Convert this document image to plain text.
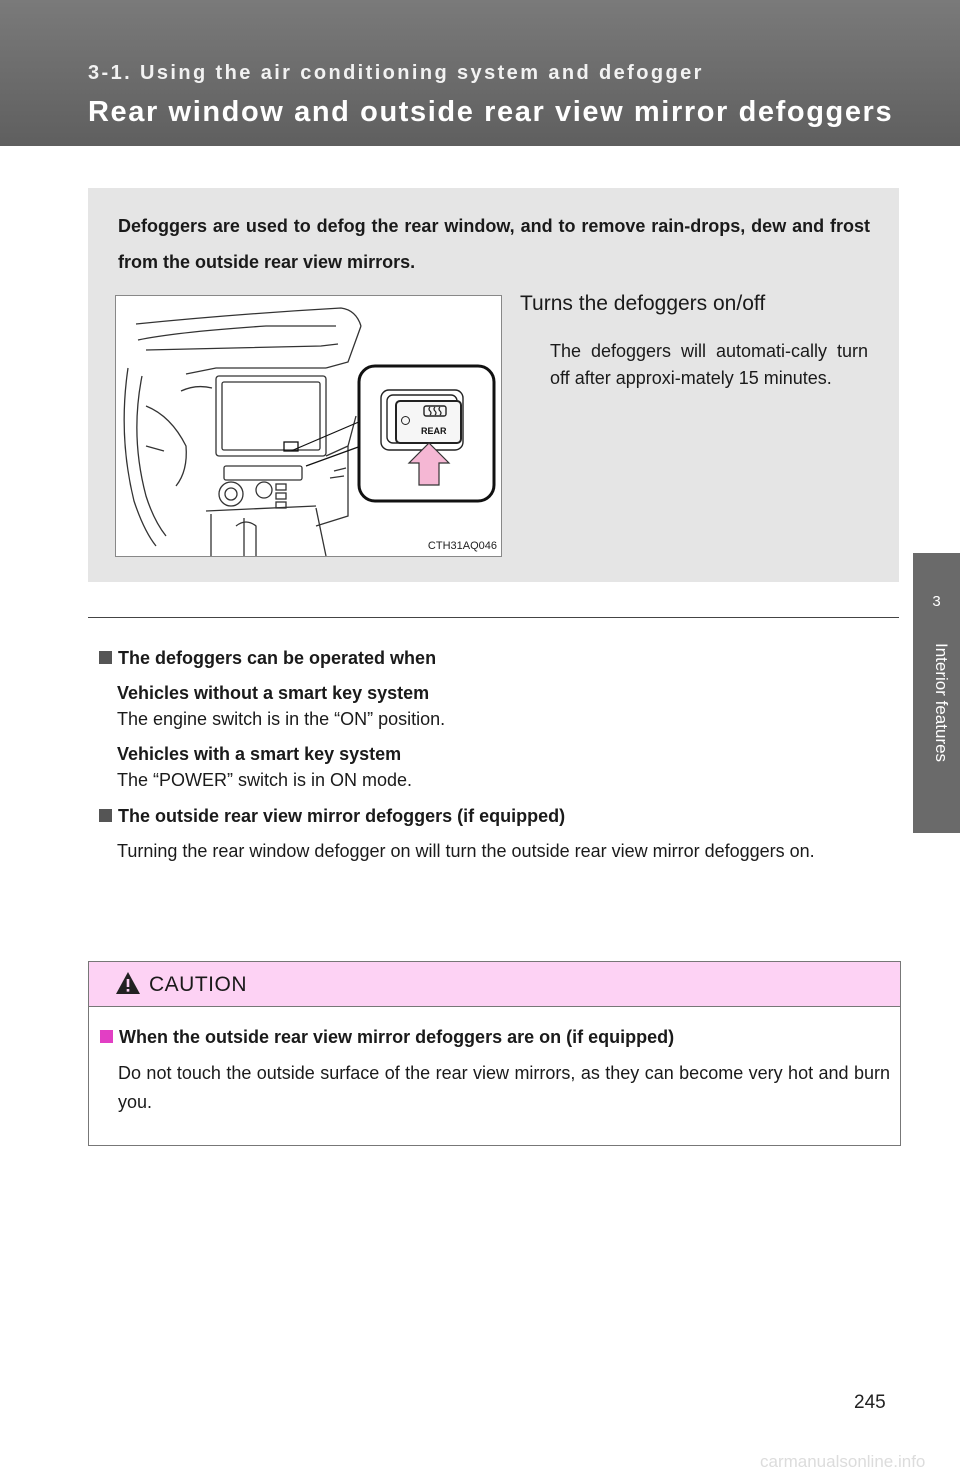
3-1. Using the air conditioning system and defogger
Rear window and outside rear view mirror defoggers
3
Interior features
Defoggers are used to defog the rear window, and to remove rain-drops, dew and frost from the outside rear view mirrors.
REAR
CTH31AQ046
Turns the defoggers on/off
The defoggers will automati-cally turn off after approxi-mately 15 minutes.

The defoggers can be operated when

Vehicles without a smart key system

The engine switch is in the “ON” position.

Vehicles with a smart key system

The “POWER” switch is in ON mode.

The outside rear view mirror defoggers (if equipped)

Turning the rear window defogger on will turn the outside rear view mirror defoggers on.

CAUTION

When the outside rear view mirror defoggers are on (if equipped)

Do not touch the outside surface of the rear view mirrors, as they can become very hot and burn you.

245
carmanualsonline.info
